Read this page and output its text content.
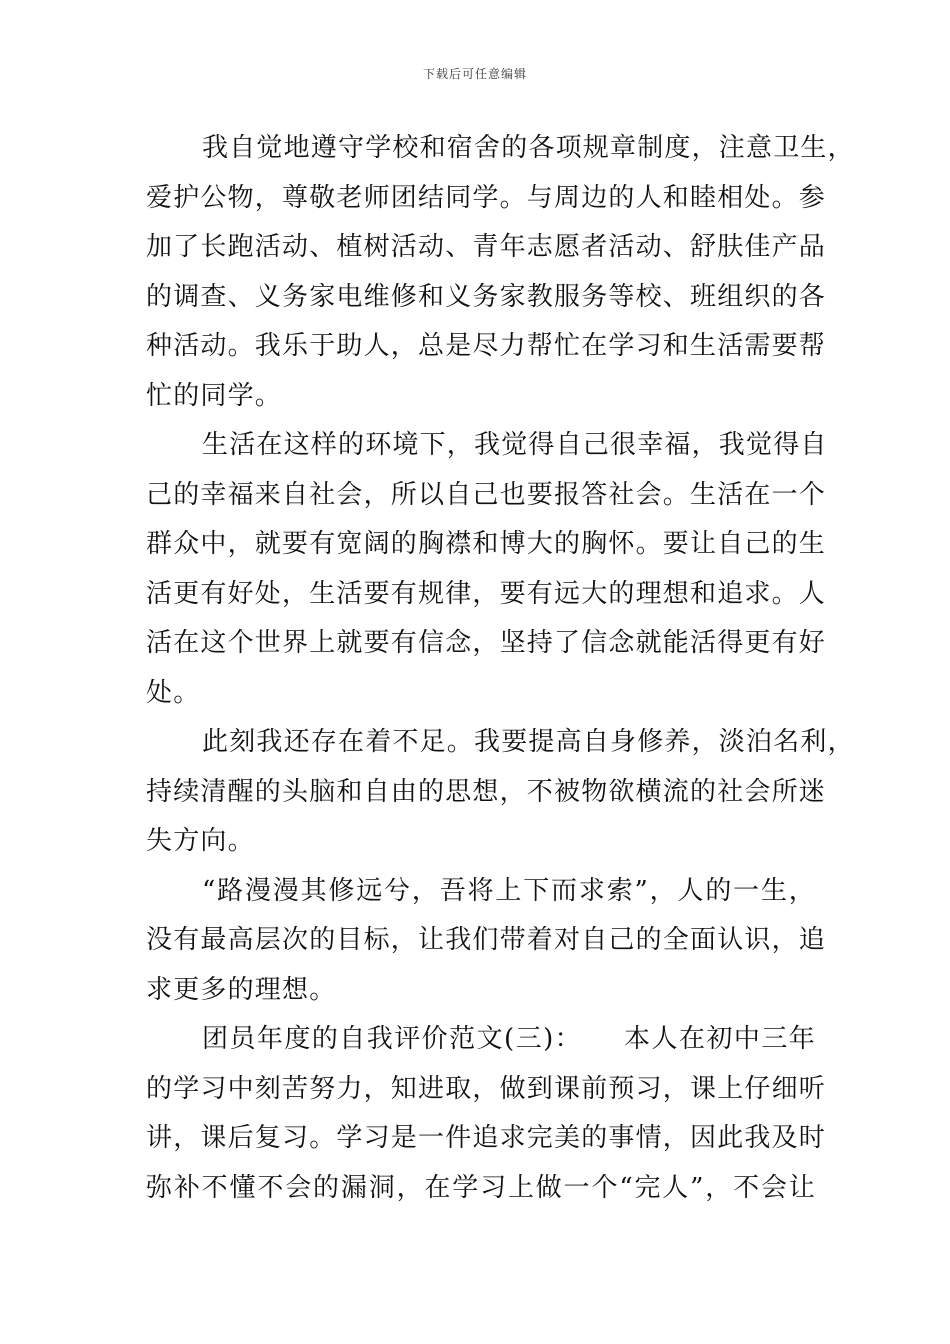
下载后可任意编辑
我自觉地遵守学校和宿舍的各项规章制度，注意卫生，
爱护公物，尊敬老师团结同学。与周边的人和睦相处。参
加了长跑活动、植树活动、青年志愿者活动、舒肤佳产品
的调查、义务家电维修和义务家教服务等校、班组织的各
种活动。我乐于助人，总是尽力帮忙在学习和生活需要帮
忙的同学。
生活在这样的环境下，我觉得自己很幸福，我觉得自
己的幸福来自社会，所以自己也要报答社会。生活在一个
群众中，就要有宽阔的胸襟和博大的胸怀。要让自己的生
活更有好处，生活要有规律，要有远大的理想和追求。人
活在这个世界上就要有信念，坚持了信念就能活得更有好
处。
此刻我还存在着不足。我要提高自身修养，淡泊名利，
持续清醒的头脑和自由的思想，不被物欲横流的社会所迷
失方向。
“路漫漫其修远兮，吾将上下而求索”，人的一生，
没有最高层次的目标，让我们带着对自己的全面认识，追
求更多的理想。
团员年度的自我评价范文(三)：　　本人在初中三年
的学习中刻苦努力，知进取，做到课前预习，课上仔细听
讲，课后复习。学习是一件追求完美的事情，因此我及时
弥补不懂不会的漏洞，在学习上做一个“完人”，不会让
